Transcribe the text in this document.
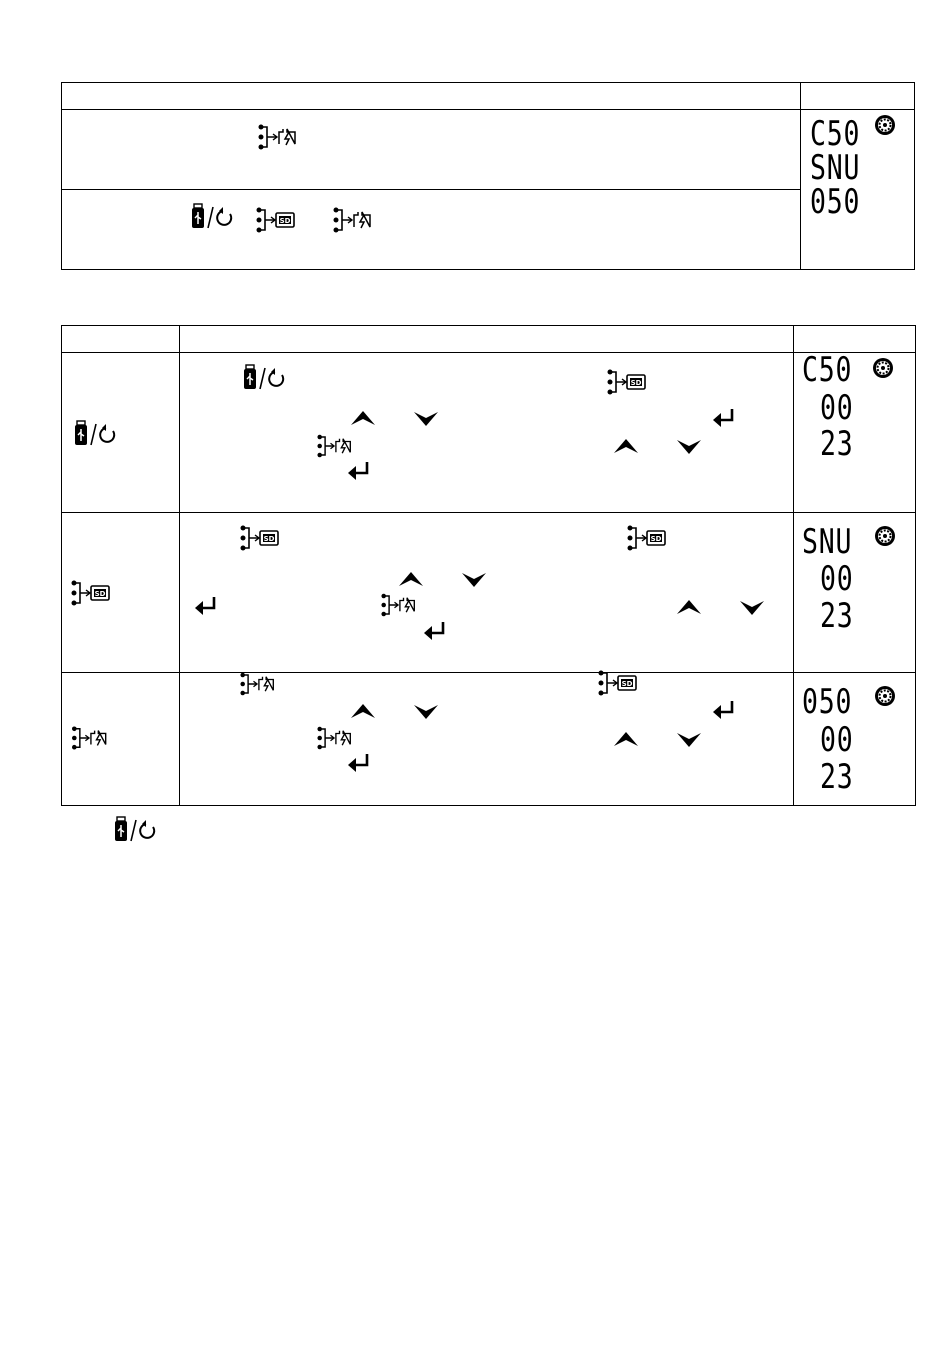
C50
SNU
050
C50
00
23
SNU
00
23
050
00
23
